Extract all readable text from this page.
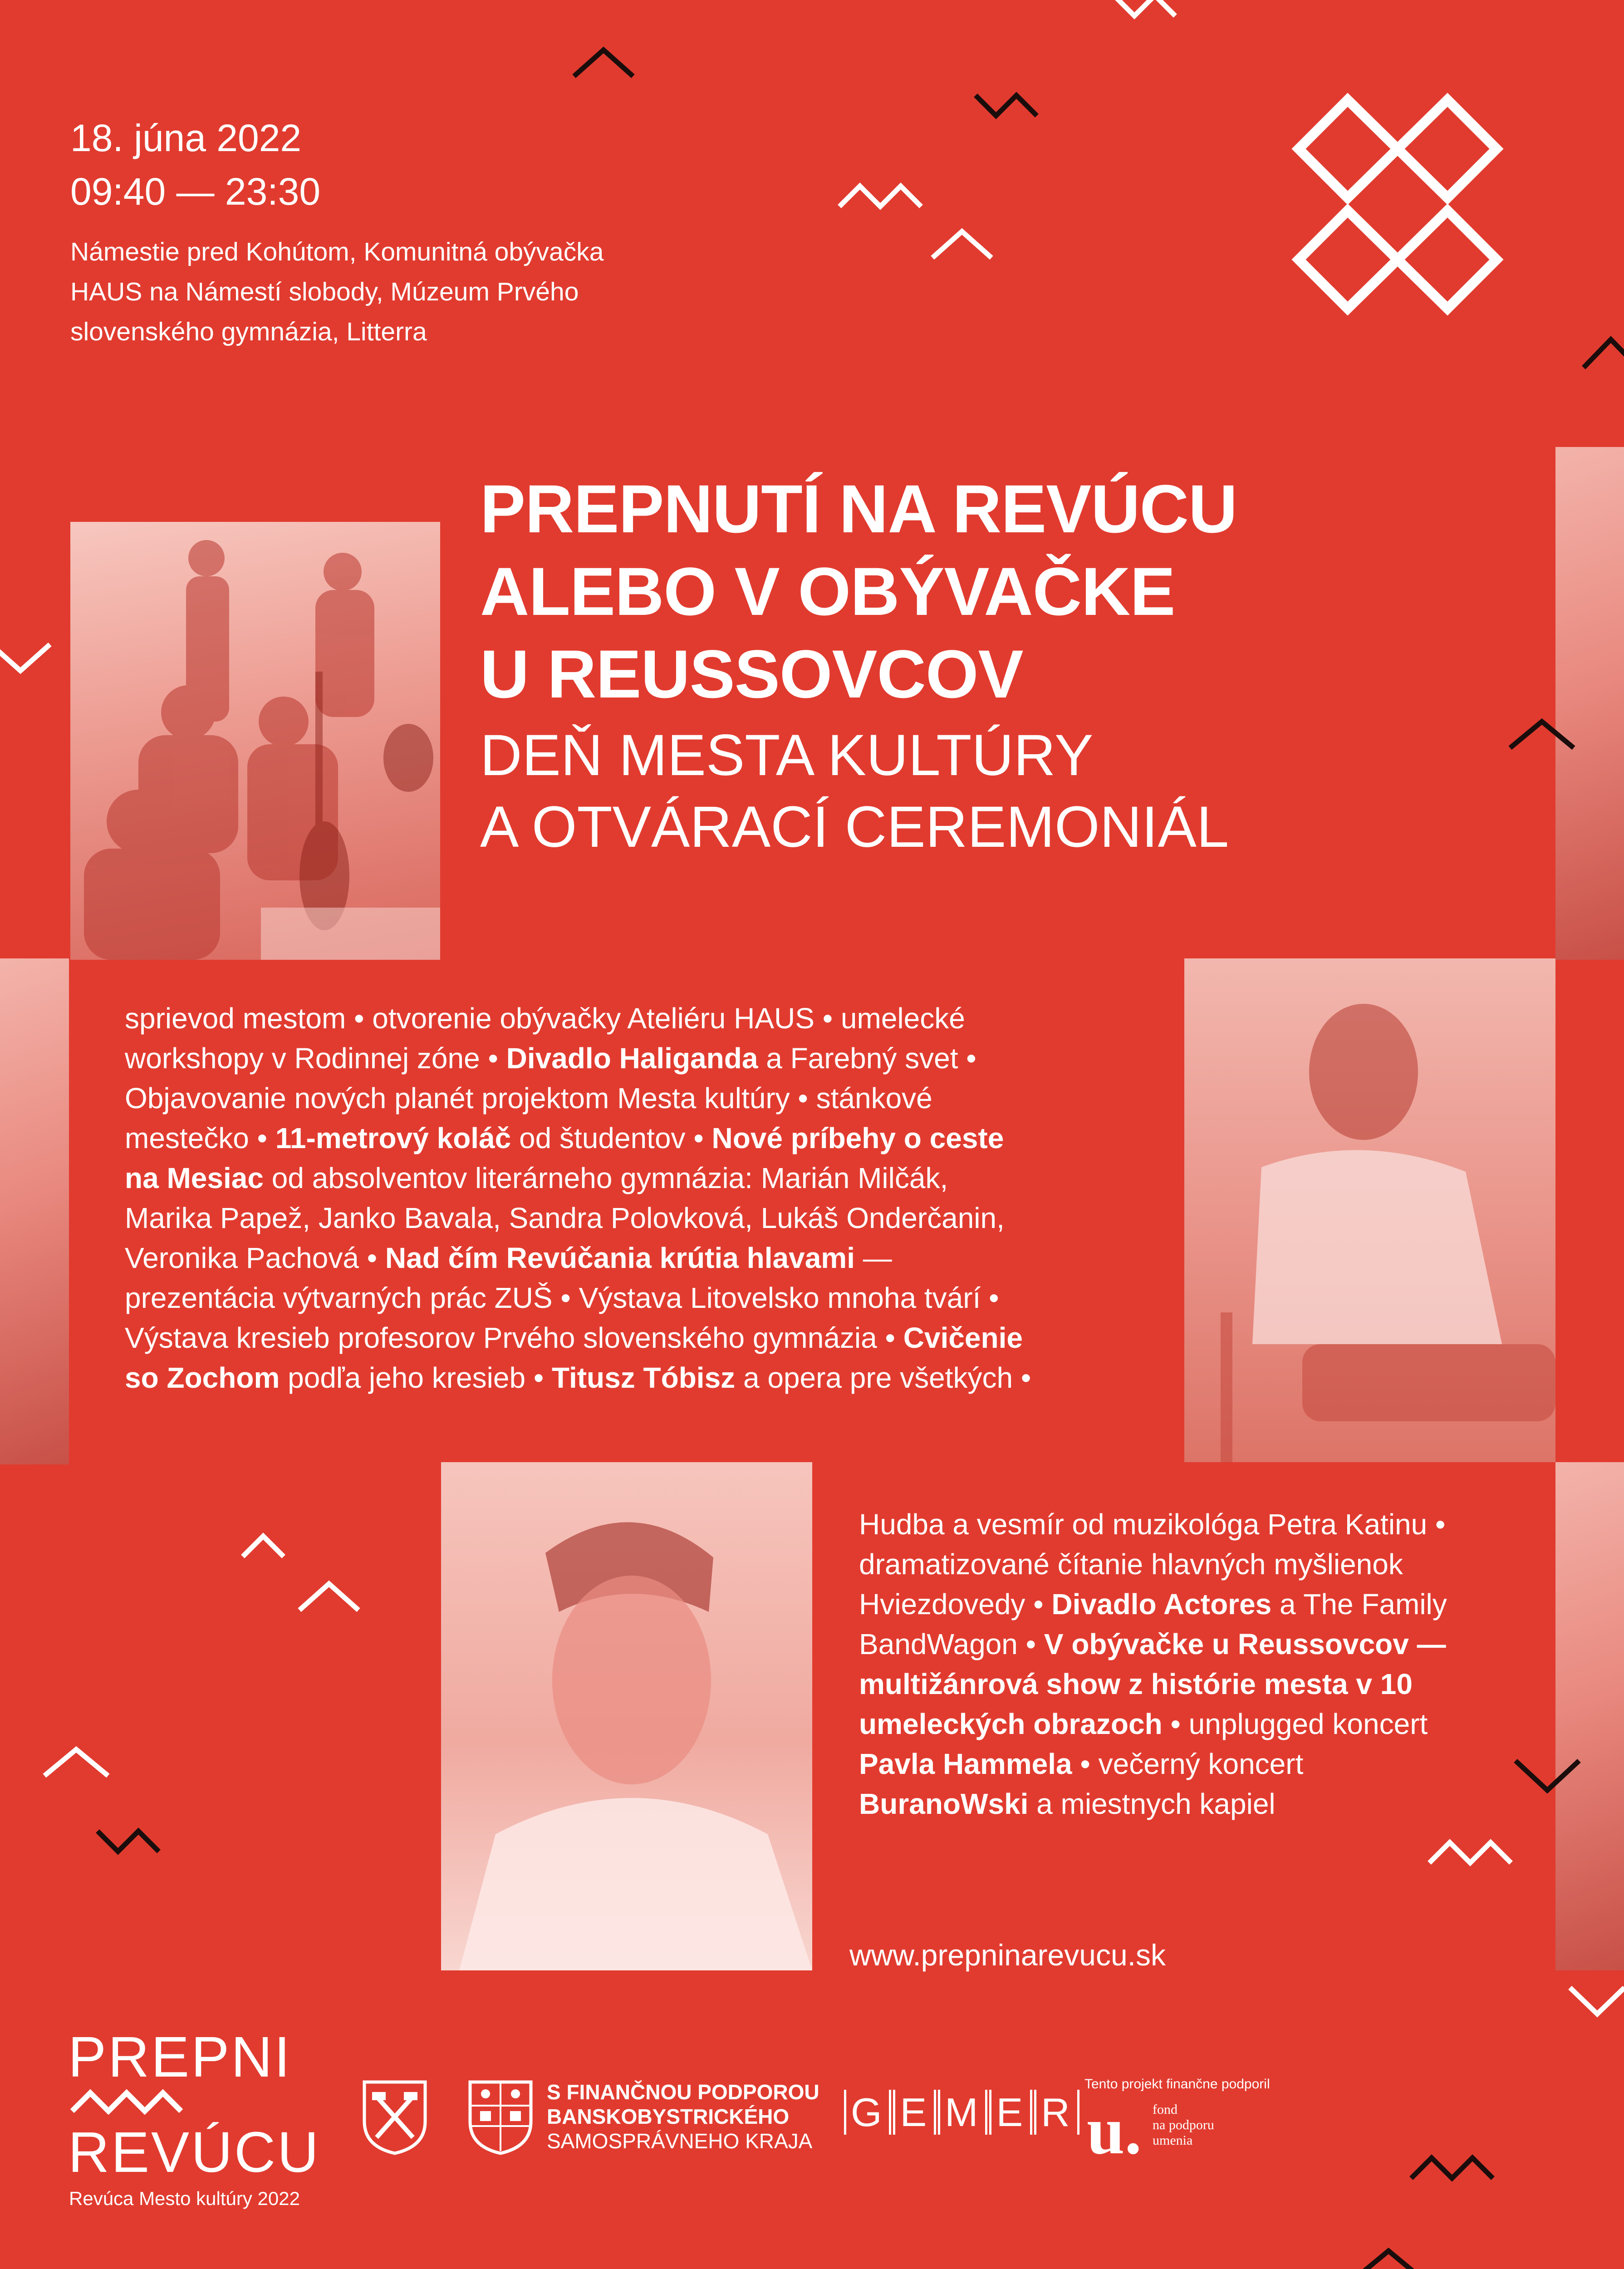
18. júna 2022
09:40 — 23:30
Námestie pred Kohútom, Komunitná obývačka
HAUS na Námestí slobody, Múzeum Prvého
slovenského gymnázia, Litterra
PREPNUTÍ NA REVÚCU
ALEBO V OBÝVAČKE
U REUSSOVCOV
DEŇ MESTA KULTÚRY
A OTVÁRACÍ CEREMONIÁL
sprievod mestom • otvorenie obývačky Ateliéru HAUS • umelecké
workshopy v Rodinnej zóne • Divadlo Haliganda a Farebný svet •
Objavovanie nových planét projektom Mesta kultúry • stánkové
mestečko • 11-metrový koláč od študentov • Nové príbehy o ceste
na Mesiac od absolventov literárneho gymnázia: Marián Milčák,
Marika Papež, Janko Bavala, Sandra Polovková, Lukáš Onderčanin,
Veronika Pachová • Nad čím Revúčania krútia hlavami —
prezentácia výtvarných prác ZUŠ • Výstava Litovelsko mnoha tvárí •
Výstava kresieb profesorov Prvého slovenského gymnázia • Cvičenie
so Zochom podľa jeho kresieb • Titusz Tóbisz a opera pre všetkých •
Hudba a vesmír od muzikológa Petra Katinu •
dramatizované čítanie hlavných myšlienok
Hviezdovedy • Divadlo Actores a The Family
BandWagon • V obývačke u Reussovcov —
multižánrová show z histórie mesta v 10
umeleckých obrazoch • unplugged koncert
Pavla Hammela • večerný koncert
BuranoWski a miestnych kapiel
www.prepninarevucu.sk
PREPNI
REVÚCU
Revúca Mesto kultúry 2022
S FINANČNOU PODPOROU
BANSKOBYSTRICKÉHO
SAMOSPRÁVNEHO KRAJA
G E M E R
Tento projekt finančne podporil
u. fond
na podporu
umenia
